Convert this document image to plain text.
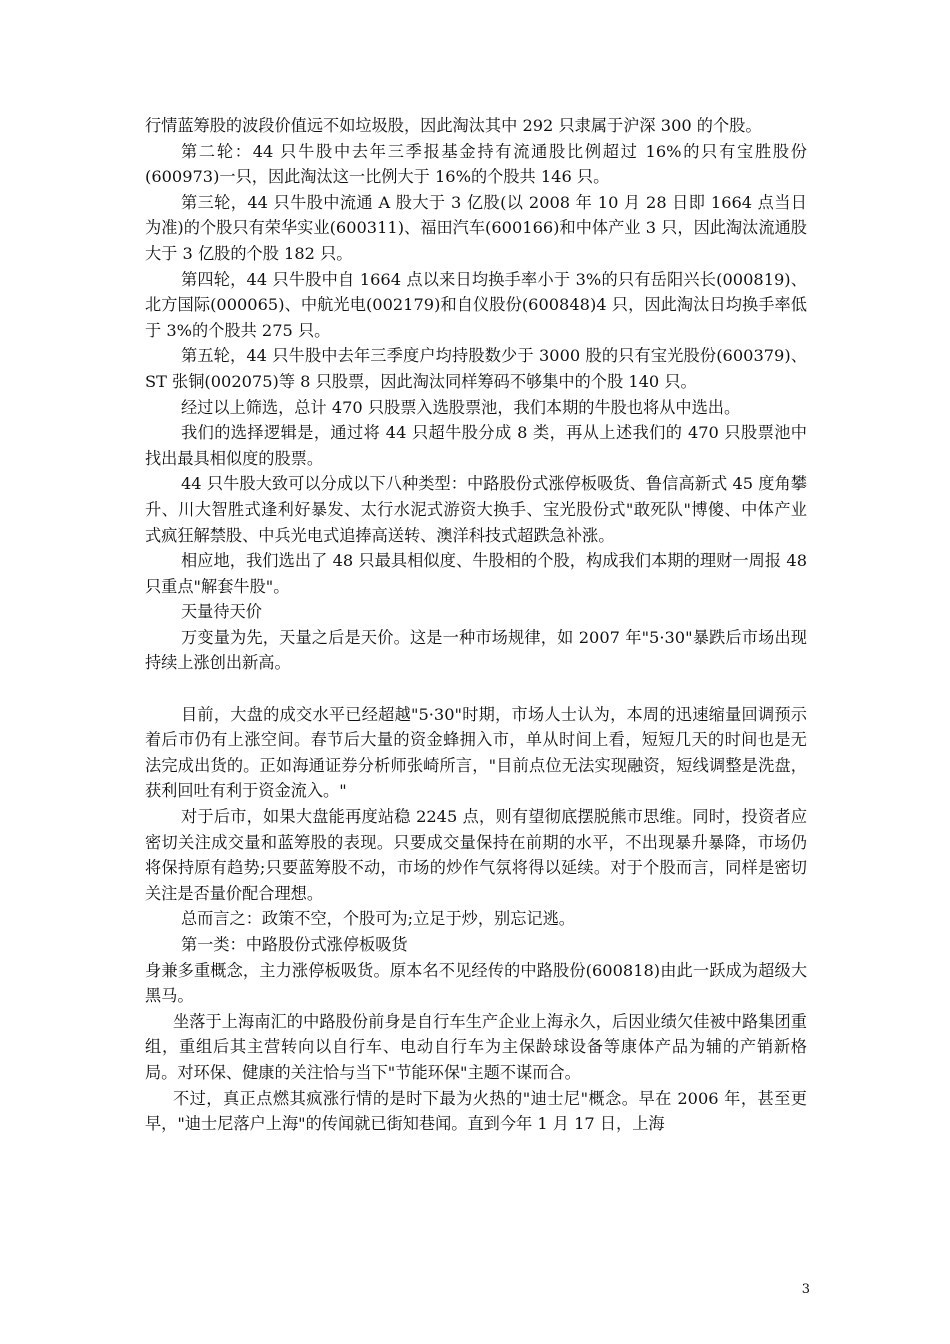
行情蓝筹股的波段价值远不如垃圾股，因此淘汰其中 292 只隶属于沪深 300 的个股。

第二轮：44 只牛股中去年三季报基金持有流通股比例超过 16%的只有宝胜股份(600973)一只，因此淘汰这一比例大于 16%的个股共 146 只。

第三轮，44 只牛股中流通 A 股大于 3 亿股(以 2008 年 10 月 28 日即 1664 点当日为准)的个股只有荣华实业(600311)、福田汽车(600166)和中体产业 3 只，因此淘汰流通股大于 3 亿股的个股 182 只。

第四轮，44 只牛股中自 1664 点以来日均换手率小于 3%的只有岳阳兴长(000819)、北方国际(000065)、中航光电(002179)和自仪股份(600848)4 只，因此淘汰日均换手率低于 3%的个股共 275 只。

第五轮，44 只牛股中去年三季度户均持股数少于 3000 股的只有宝光股份(600379)、ST 张铜(002075)等 8 只股票，因此淘汰同样筹码不够集中的个股 140 只。

经过以上筛选，总计 470 只股票入选股票池，我们本期的牛股也将从中选出。

我们的选择逻辑是，通过将 44 只超牛股分成 8 类，再从上述我们的 470 只股票池中找出最具相似度的股票。

44 只牛股大致可以分成以下八种类型：中路股份式涨停板吸货、鲁信高新式 45 度角攀升、川大智胜式逢利好暴发、太行水泥式游资大换手、宝光股份式"敢死队"博傻、中体产业式疯狂解禁股、中兵光电式追捧高送转、澳洋科技式超跌急补涨。

相应地，我们选出了 48 只最具相似度、牛股相的个股，构成我们本期的理财一周报 48 只重点"解套牛股"。

天量待天价

万变量为先，天量之后是天价。这是一种市场规律，如 2007 年"5·30"暴跌后市场出现持续上涨创出新高。

目前，大盘的成交水平已经超越"5·30"时期，市场人士认为，本周的迅速缩量回调预示着后市仍有上涨空间。春节后大量的资金蜂拥入市，单从时间上看，短短几天的时间也是无法完成出货的。正如海通证券分析师张崎所言，"目前点位无法实现融资，短线调整是洗盘，获利回吐有利于资金流入。"

对于后市，如果大盘能再度站稳 2245 点，则有望彻底摆脱熊市思维。同时，投资者应密切关注成交量和蓝筹股的表现。只要成交量保持在前期的水平，不出现暴升暴降，市场仍将保持原有趋势;只要蓝筹股不动，市场的炒作气氛将得以延续。对于个股而言，同样是密切关注是否量价配合理想。

总而言之：政策不空，个股可为;立足于炒，别忘记逃。

第一类：中路股份式涨停板吸货

身兼多重概念，主力涨停板吸货。原本名不见经传的中路股份(600818)由此一跃成为超级大黑马。

坐落于上海南汇的中路股份前身是自行车生产企业上海永久，后因业绩欠佳被中路集团重组，重组后其主营转向以自行车、电动自行车为主保龄球设备等康体产品为辅的产销新格局。对环保、健康的关注恰与当下"节能环保"主题不谋而合。

不过，真正点燃其疯涨行情的是时下最为火热的"迪士尼"概念。早在 2006 年，甚至更早，"迪士尼落户上海"的传闻就已街知巷闻。直到今年 1 月 17 日，上海

3
